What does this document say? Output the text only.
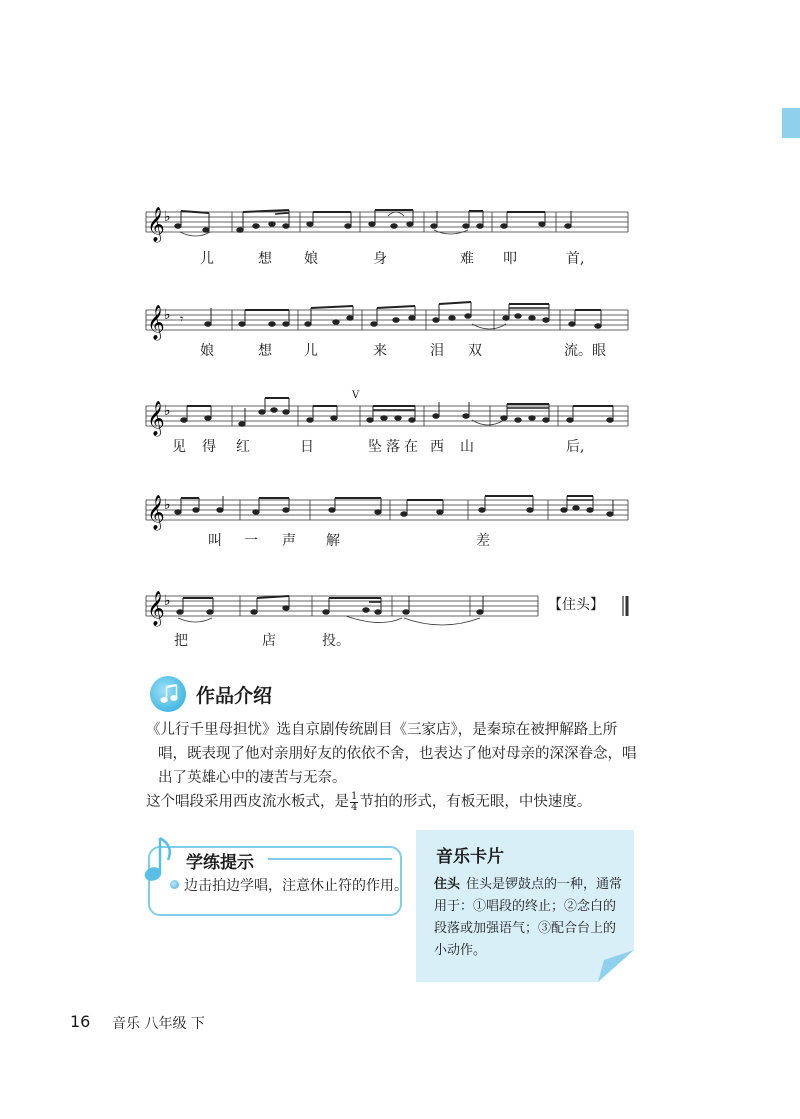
𝄞 ♭
儿	想 娘	身	难 叩	首,
𝄞 ♭ 𝄾
娘	想 儿	来	泪 双	流。眼
𝄞 ♭
V
见 得 红	日	坠 落 在 西 山	后,
𝄞 ♭
叫 一 声 解	差
𝄞 ♭	【住头】
把	店	投。
作品介绍

《儿行千里母担忧》选自京剧传统剧目《三家店》，是秦琼在被押解路上所唱，既表现了他对亲朋好友的依依不舍，也表达了他对母亲的深深眷念，唱出了英雄心中的凄苦与无奈。

这个唱段采用西皮流水板式，是 $\frac{1}{4}$ 节拍的形式，有板无眼，中快速度。

学练提示
边击拍边学唱，注意休止符的作用。
音乐卡片
住头 住头是锣鼓点的一种，通常用于：①唱段的终止；②念白的段落或加强语气；③配合台上的小动作。
16 音乐 八年级 下
